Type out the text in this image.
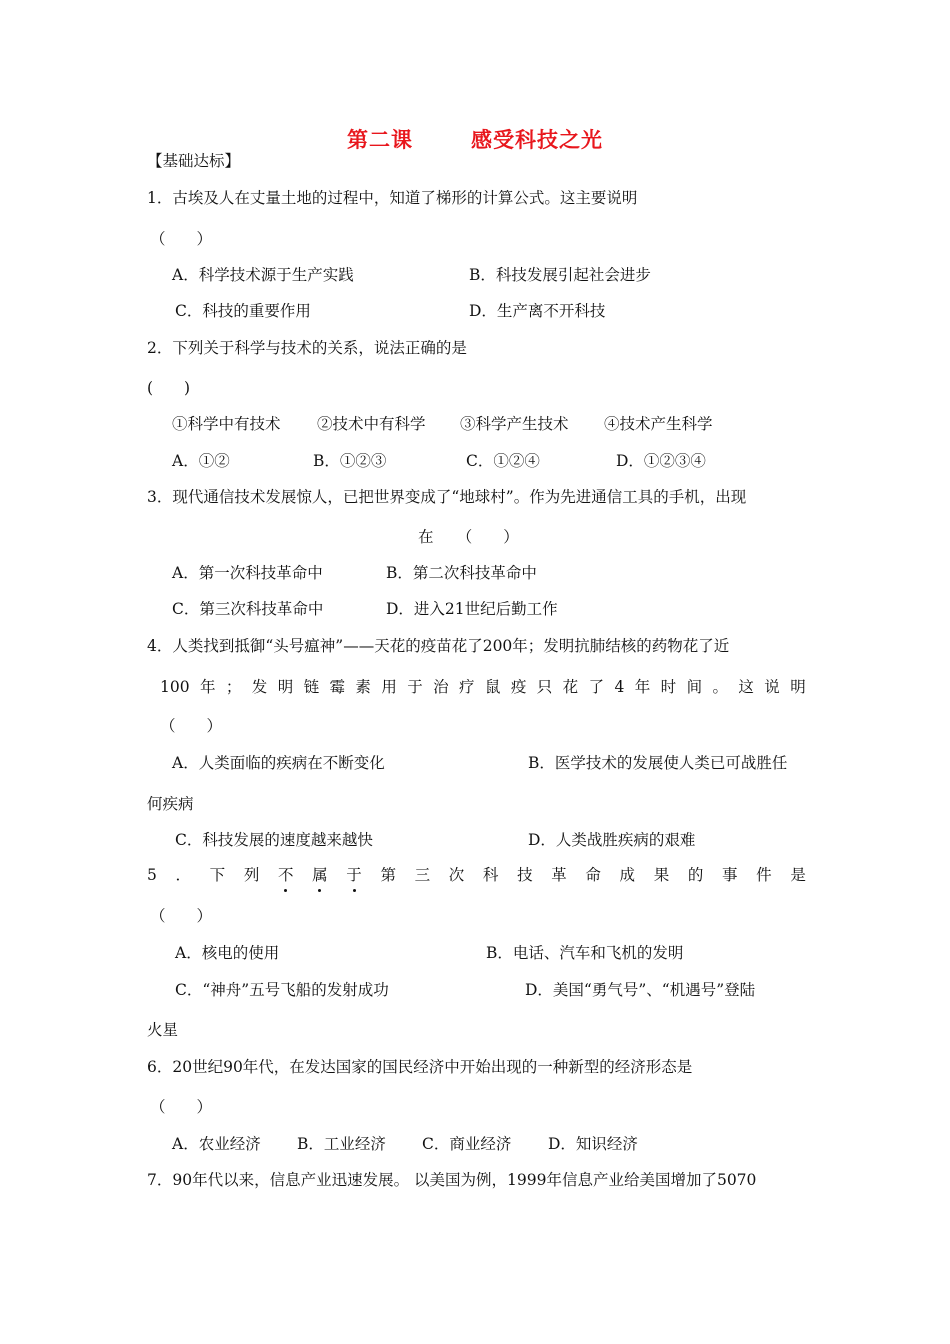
第二课	感受科技之光
【基础达标】
1．古埃及人在丈量土地的过程中，知道了梯形的计算公式。这主要说明
（　　）
A．科学技术源于生产实践	B．科技发展引起社会进步
C．科技的重要作用	D．生产离不开科技
2．下列关于科学与技术的关系，说法正确的是
(　　)
①科学中有技术 ②技术中有科学 ③科学产生技术 ④技术产生科学
A．①②	B．①②③	C．①②④	D．①②③④
3．现代通信技术发展惊人，已把世界变成了“地球村”。作为先进通信工具的手机，出现
在　　（　　）
A．第一次科技革命中	B．第二次科技革命中
C．第三次科技革命中	D．进入21世纪后勤工作
4．人类找到抵御“头号瘟神”——天花的疫苗花了200年；发明抗肺结核的药物花了近
100 年 ； 发 明 链 霉 素 用 于 治 疗 鼠 疫 只 花 了 4 年 时 间 。 这 说 明
（　　）
A．人类面临的疾病在不断变化	B．医学技术的发展使人类已可战胜任
何疾病
C．科技发展的速度越来越快	D．人类战胜疾病的艰难
5 ． 下 列 不 属 于 第 三 次 科 技 革 命 成 果 的 事 件 是
（　　）
A．核电的使用	B．电话、汽车和飞机的发明
C．“神舟”五号飞船的发射成功	D．美国“勇气号”、“机遇号”登陆
火星
6．20世纪90年代，在发达国家的国民经济中开始出现的一种新型的经济形态是
（　　）
A．农业经济 B．工业经济 C．商业经济 D．知识经济
7．90年代以来，信息产业迅速发展。 以美国为例，1999年信息产业给美国增加了5070
